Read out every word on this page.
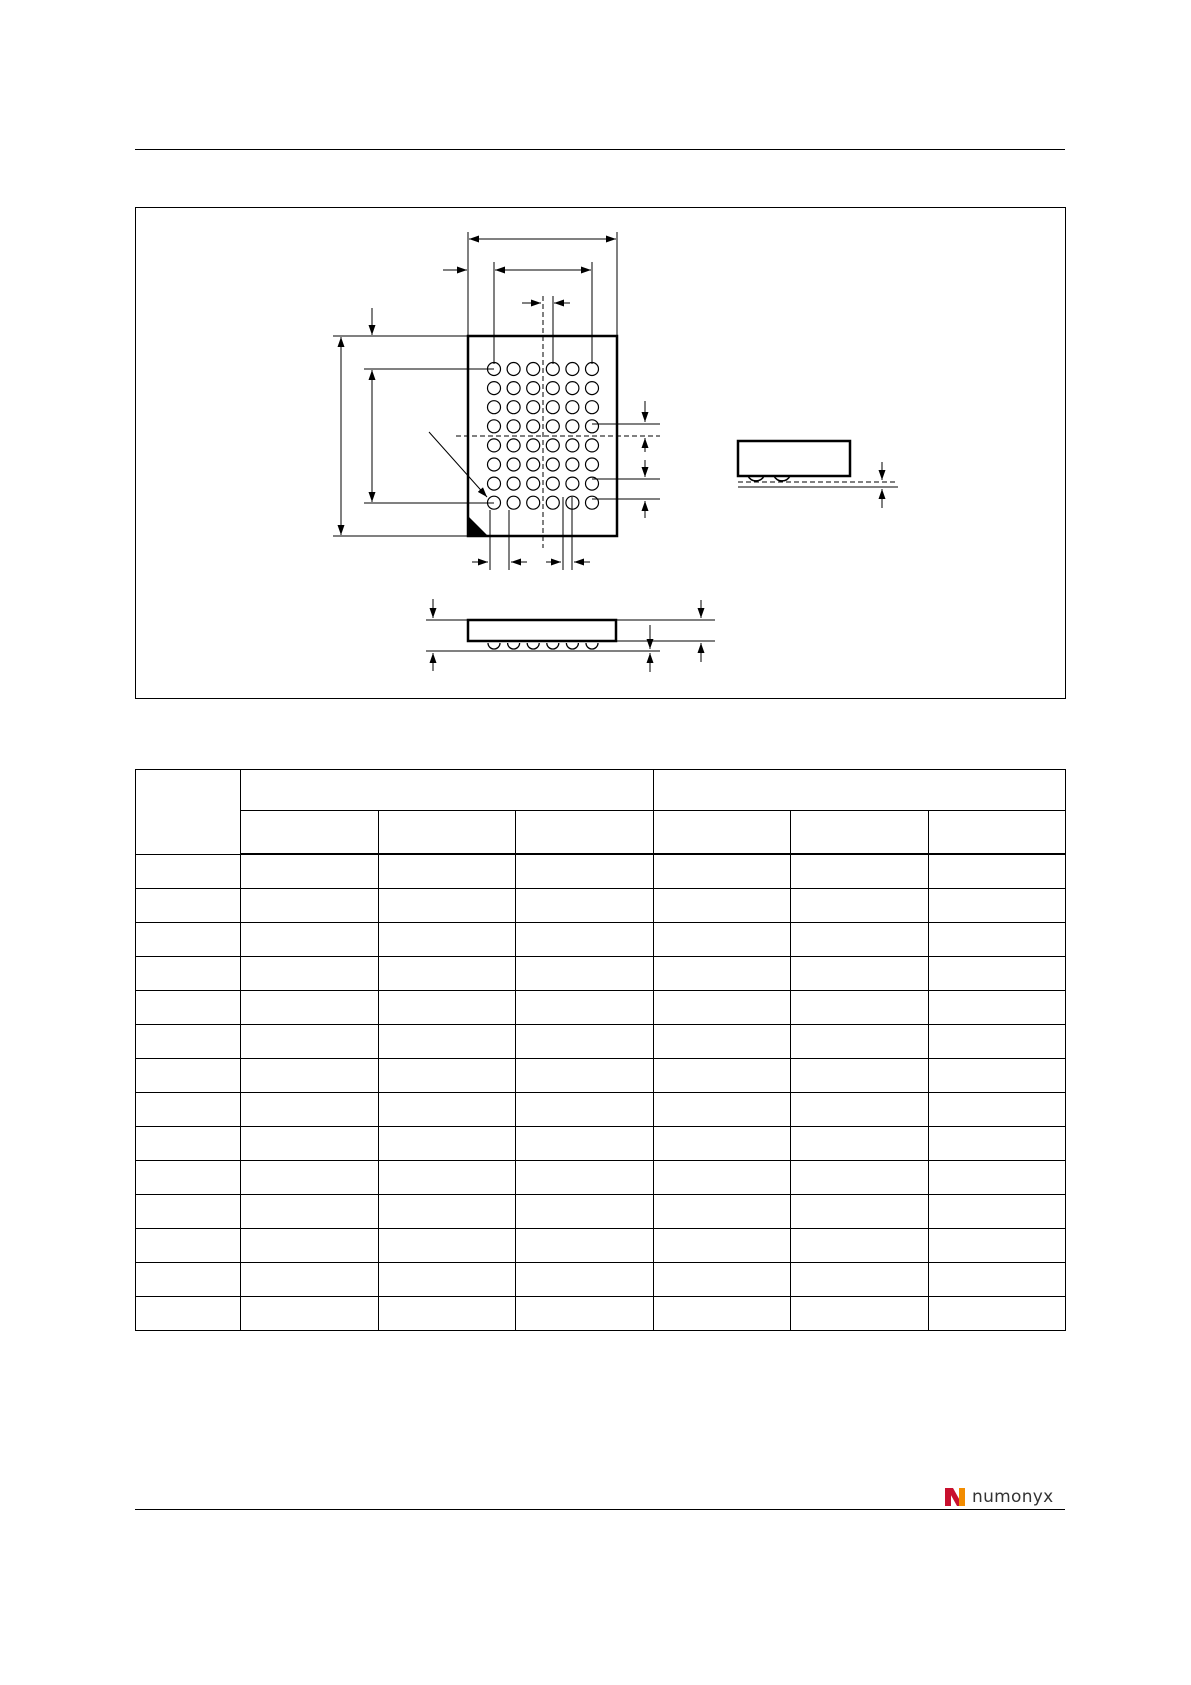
numonyx
